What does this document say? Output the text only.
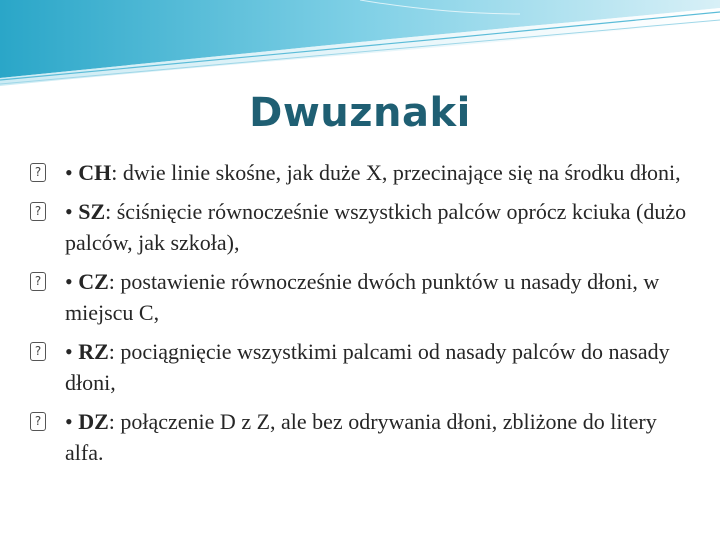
Dwuznaki
? • CH: dwie linie skośne, jak duże X, przecinające się na środku dłoni,
? • SZ: ściśnięcie równocześnie wszystkich palców oprócz kciuka (dużo palców, jak szkoła),
? • CZ: postawienie równocześnie dwóch punktów u nasady dłoni, w miejscu C,
? • RZ: pociągnięcie wszystkimi palcami od nasady palców do nasady dłoni,
? • DZ: połączenie D z Z, ale bez odrywania dłoni, zbliżone do litery alfa.
